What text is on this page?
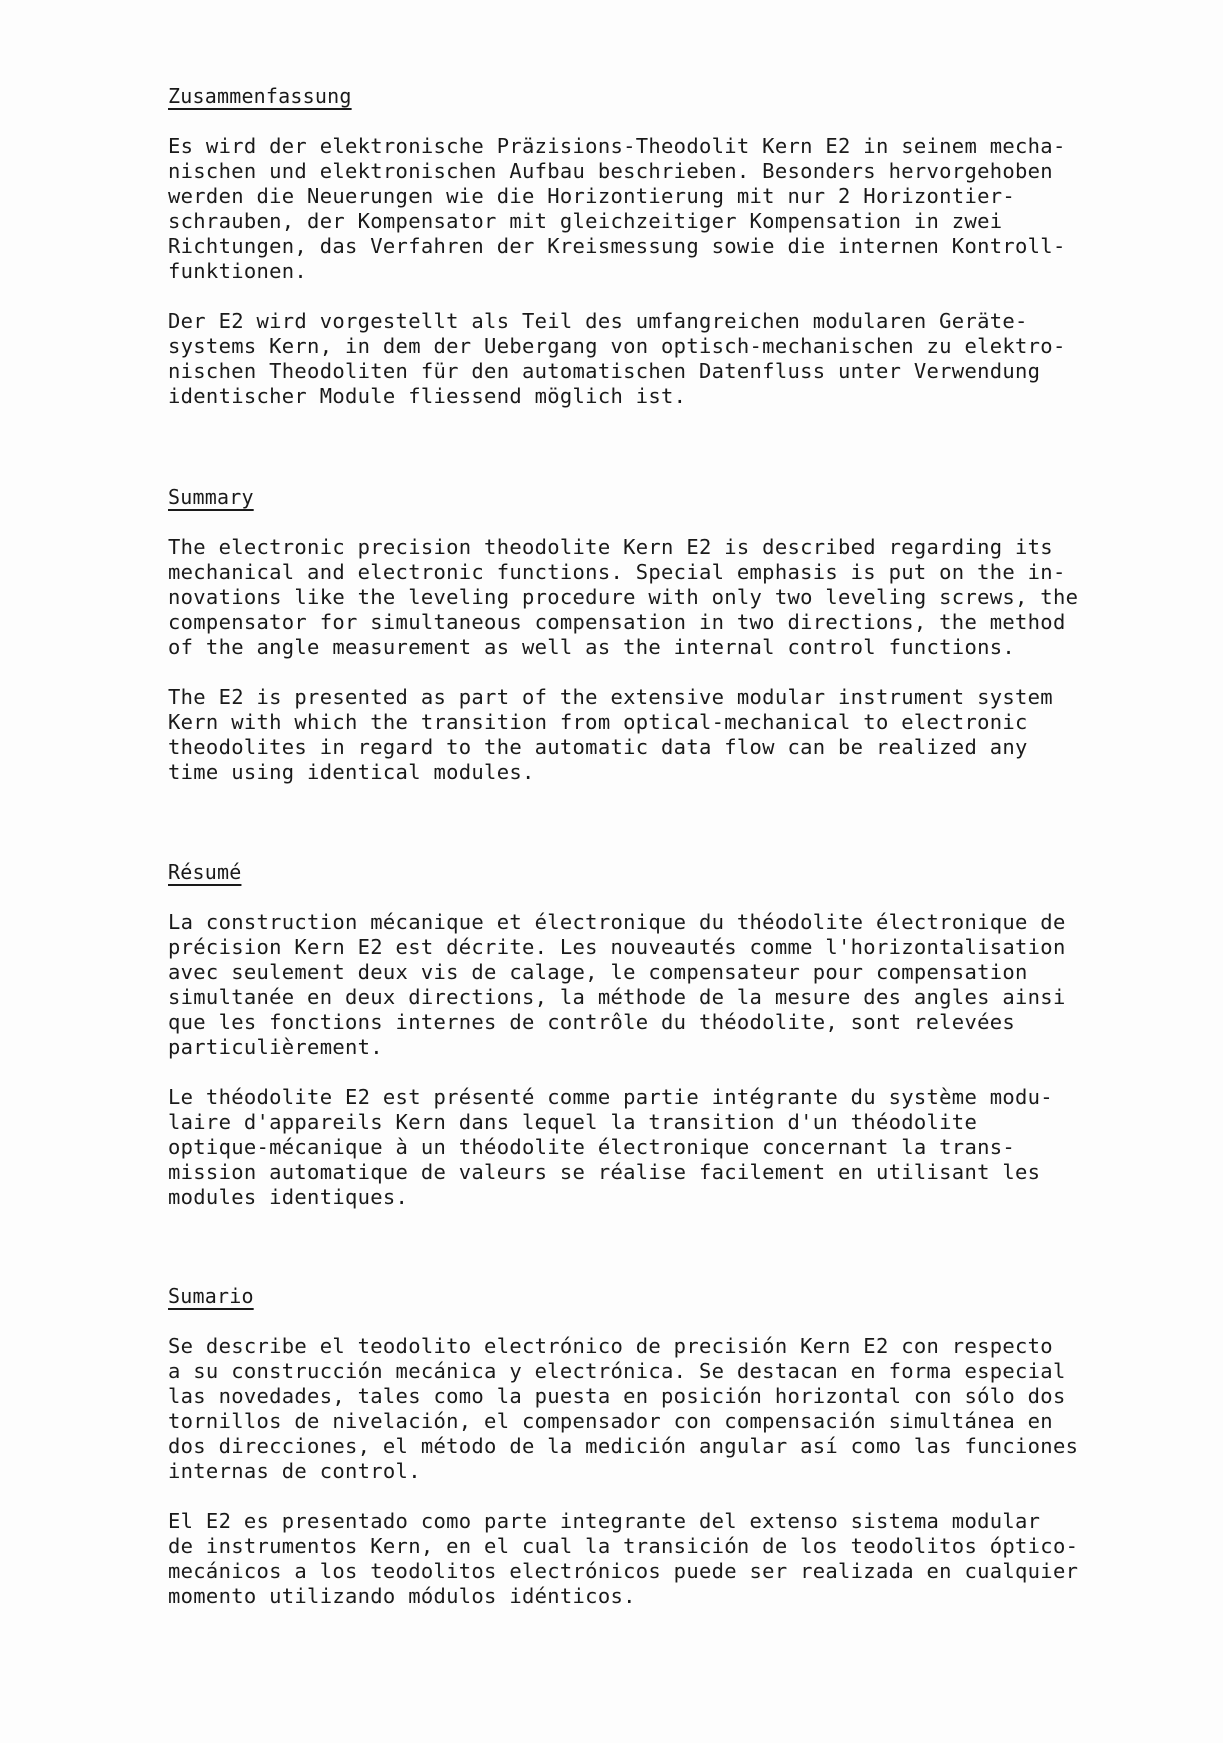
Zusammenfassung

Es wird der elektronische Präzisions-Theodolit Kern E2 in seinem mecha-
nischen und elektronischen Aufbau beschrieben. Besonders hervorgehoben
werden die Neuerungen wie die Horizontierung mit nur 2 Horizontier-
schrauben, der Kompensator mit gleichzeitiger Kompensation in zwei
Richtungen, das Verfahren der Kreismessung sowie die internen Kontroll-
funktionen.

Der E2 wird vorgestellt als Teil des umfangreichen modularen Geräte-
systems Kern, in dem der Uebergang von optisch-mechanischen zu elektro-
nischen Theodoliten für den automatischen Datenfluss unter Verwendung
identischer Module fliessend möglich ist.

Summary

The electronic precision theodolite Kern E2 is described regarding its
mechanical and electronic functions. Special emphasis is put on the in-
novations like the leveling procedure with only two leveling screws, the
compensator for simultaneous compensation in two directions, the method
of the angle measurement as well as the internal control functions.

The E2 is presented as part of the extensive modular instrument system
Kern with which the transition from optical-mechanical to electronic
theodolites in regard to the automatic data flow can be realized any
time using identical modules.

Résumé

La construction mécanique et électronique du théodolite électronique de
précision Kern E2 est décrite. Les nouveautés comme l'horizontalisation
avec seulement deux vis de calage, le compensateur pour compensation
simultanée en deux directions, la méthode de la mesure des angles ainsi
que les fonctions internes de contrôle du théodolite, sont relevées
particulièrement.

Le théodolite E2 est présenté comme partie intégrante du système modu-
laire d'appareils Kern dans lequel la transition d'un théodolite
optique-mécanique à un théodolite électronique concernant la trans-
mission automatique de valeurs se réalise facilement en utilisant les
modules identiques.

Sumario

Se describe el teodolito electrónico de precisión Kern E2 con respecto
a su construcción mecánica y electrónica. Se destacan en forma especial
las novedades, tales como la puesta en posición horizontal con sólo dos
tornillos de nivelación, el compensador con compensación simultánea en
dos direcciones, el método de la medición angular así como las funciones
internas de control.

El E2 es presentado como parte integrante del extenso sistema modular
de instrumentos Kern, en el cual la transición de los teodolitos óptico-
mecánicos a los teodolitos electrónicos puede ser realizada en cualquier
momento utilizando módulos idénticos.
